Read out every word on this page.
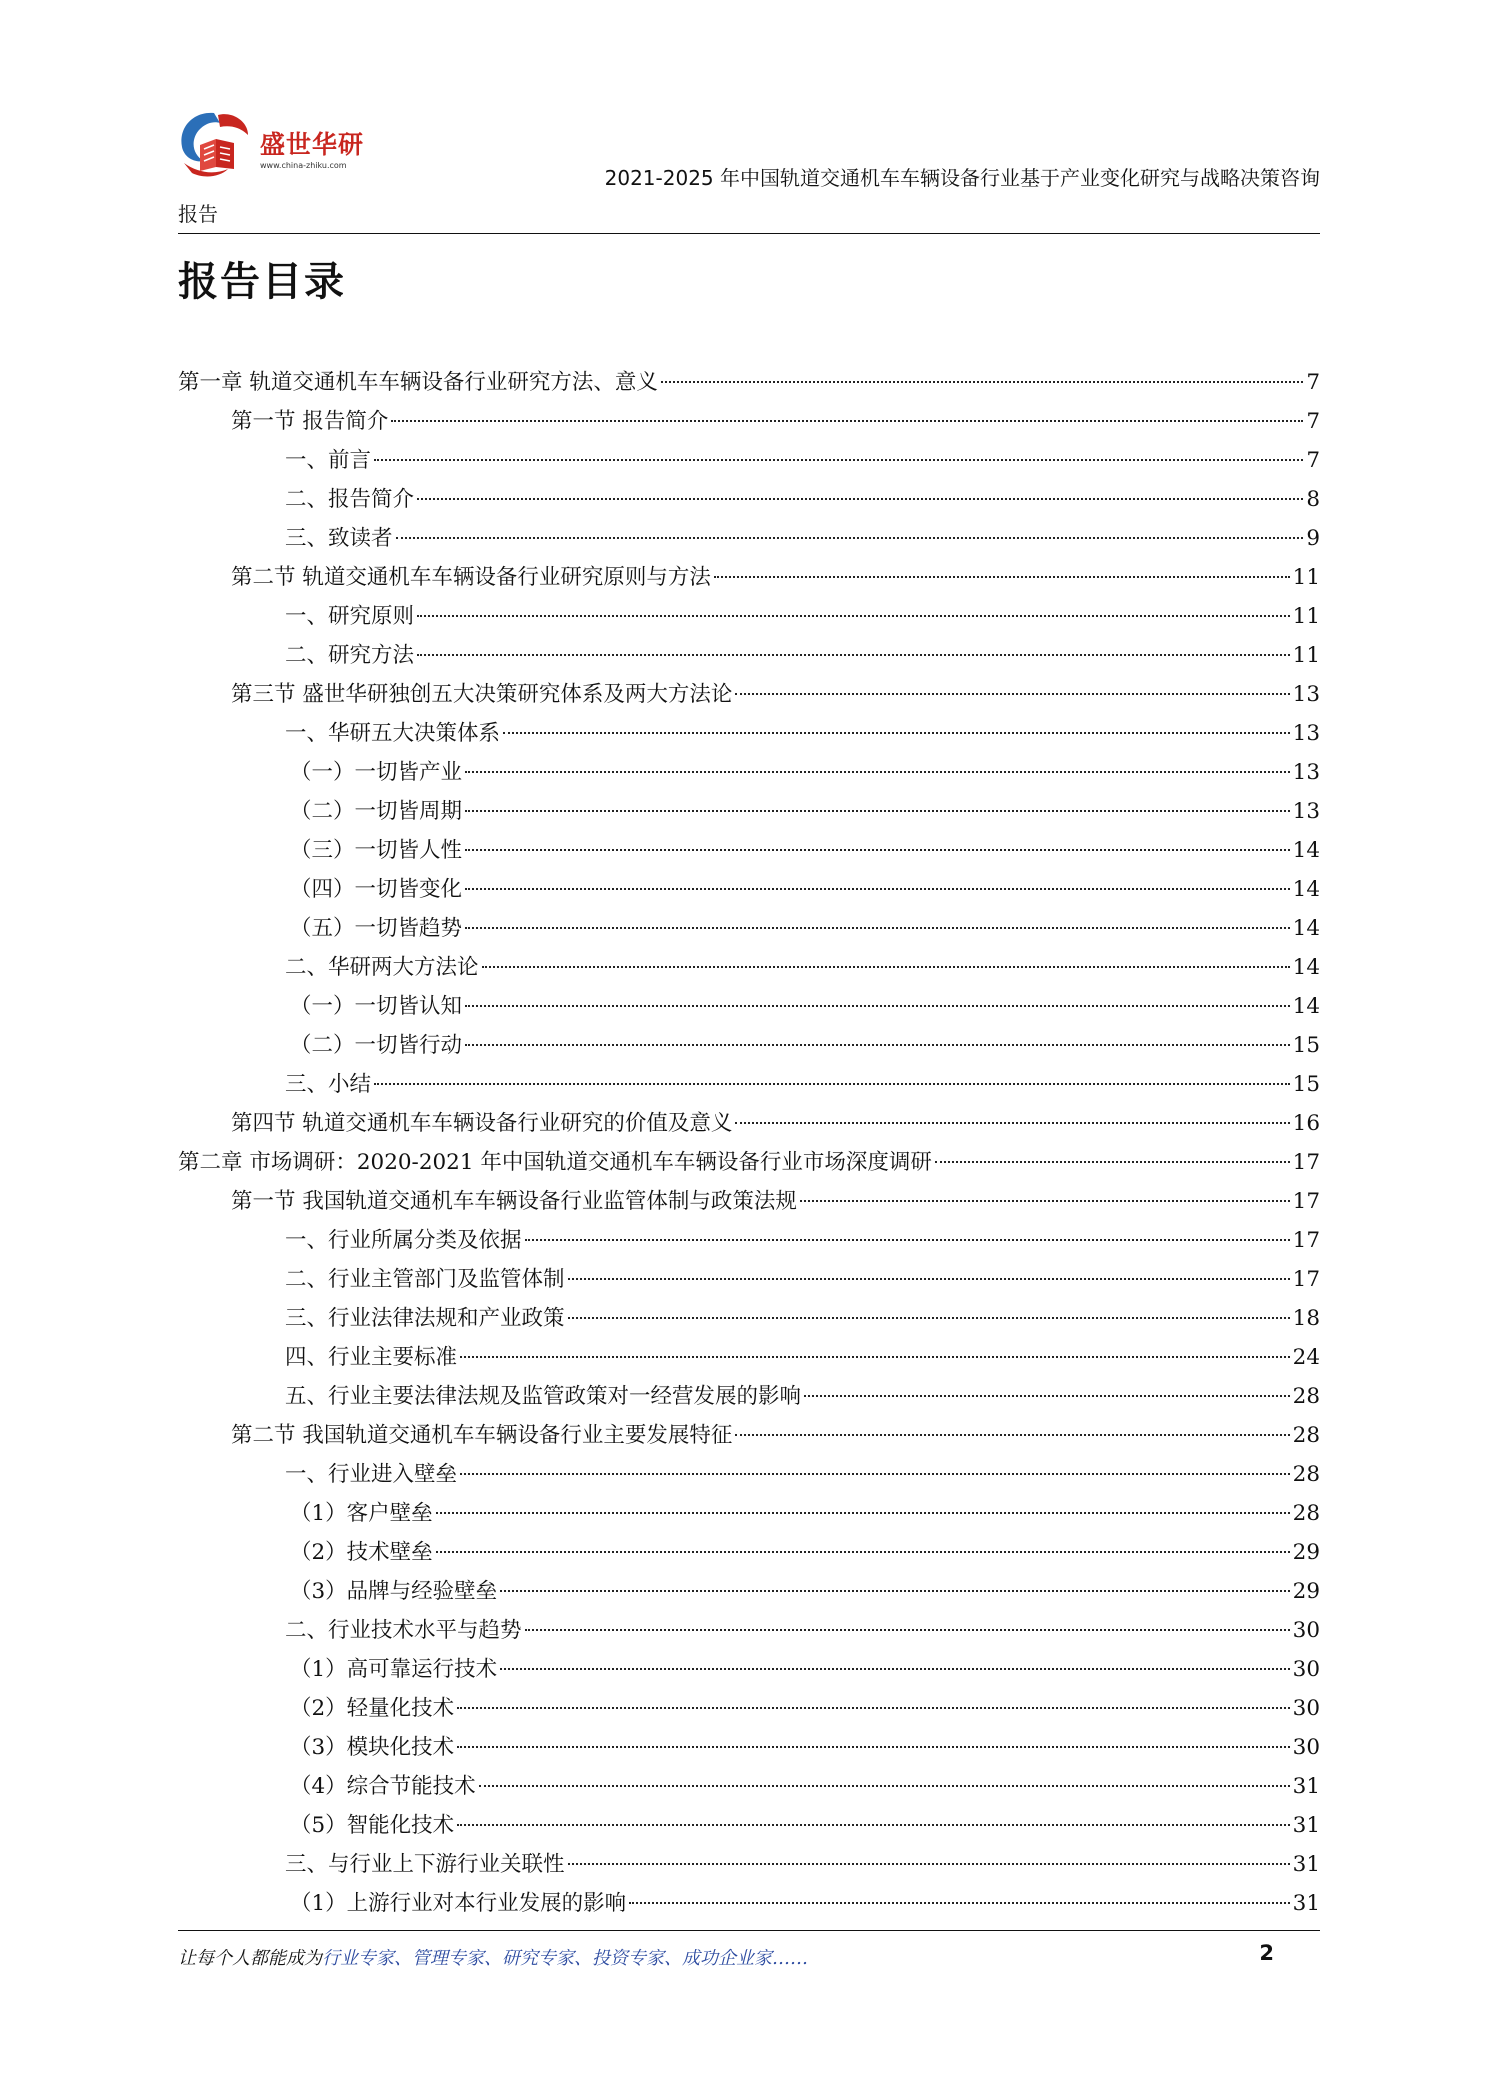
盛世华研
www.china-zhiku.com
2021-2025 年中国轨道交通机车车辆设备行业基于产业变化研究与战略决策咨询
报告
报告目录
第一章 轨道交通机车车辆设备行业研究方法、意义	7
第一节 报告简介	7
一、前言	7
二、报告简介	8
三、致读者	9
第二节 轨道交通机车车辆设备行业研究原则与方法	11
一、研究原则	11
二、研究方法	11
第三节 盛世华研独创五大决策研究体系及两大方法论	13
一、华研五大决策体系	13
（一）一切皆产业	13
（二）一切皆周期	13
（三）一切皆人性	14
（四）一切皆变化	14
（五）一切皆趋势	14
二、华研两大方法论	14
（一）一切皆认知	14
（二）一切皆行动	15
三、小结	15
第四节 轨道交通机车车辆设备行业研究的价值及意义	16
第二章 市场调研：2020-2021 年中国轨道交通机车车辆设备行业市场深度调研	17
第一节 我国轨道交通机车车辆设备行业监管体制与政策法规	17
一、行业所属分类及依据	17
二、行业主管部门及监管体制	17
三、行业法律法规和产业政策	18
四、行业主要标准	24
五、行业主要法律法规及监管政策对一经营发展的影响	28
第二节 我国轨道交通机车车辆设备行业主要发展特征	28
一、行业进入壁垒	28
（1）客户壁垒	28
（2）技术壁垒	29
（3）品牌与经验壁垒	29
二、行业技术水平与趋势	30
（1）高可靠运行技术	30
（2）轻量化技术	30
（3）模块化技术	30
（4）综合节能技术	31
（5）智能化技术	31
三、与行业上下游行业关联性	31
（1）上游行业对本行业发展的影响	31
让每个人都能成为行业专家、管理专家、研究专家、投资专家、成功企业家……	2
